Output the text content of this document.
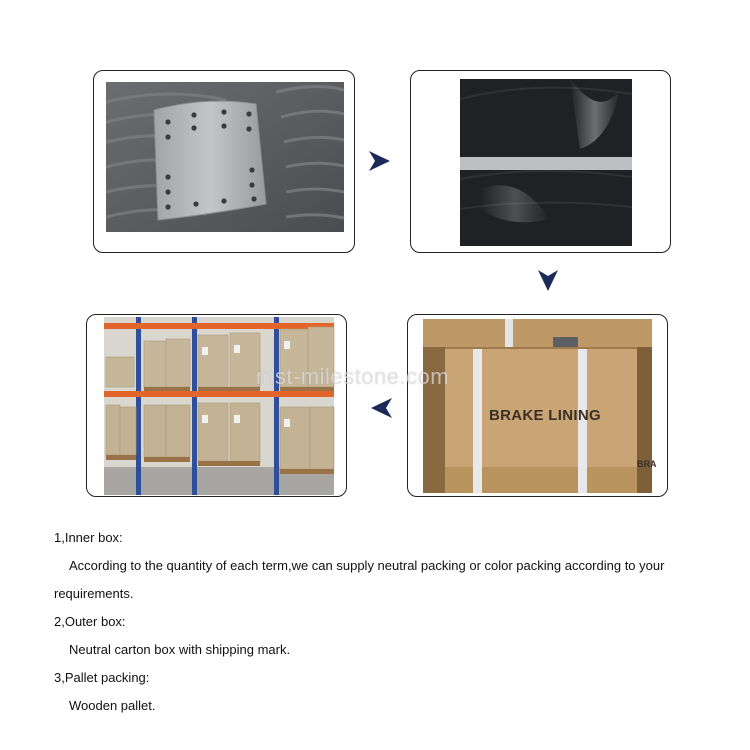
BRAKE LINING
BRA
mst-milestone.com

1,Inner box:

According to the quantity of each term,we can supply neutral packing or color packing according to your

requirements.

2,Outer box:

Neutral carton box with shipping mark.

3,Pallet packing:

Wooden pallet.
